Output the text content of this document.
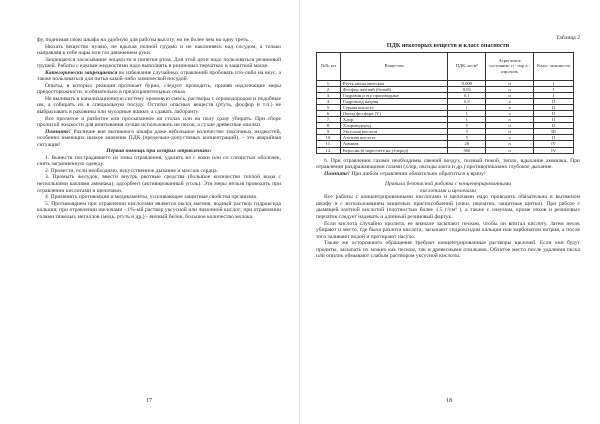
фу, поднимая свою шкафа на удобную для работы высоту, но не более чем на одну треть.

Нюхать вещество нужно, не вдыхая полной грудью и не наклоняясь над сосудом, а только направляя к себе пары или газ движением руки.

Запрещается засасывание жидкости в пипетки ртом. Для этой цели надо пользоваться резиновой грушей. Работы с едкими жидкостями надо выполнять в резиновых перчатках и защитной маске.

Категорически запрещается во избежание случайных отравлений пробовать что-либо на вкус, а также пользоваться для питья какой-либо химической посудой.

Опыты, в которых реакция протекает бурно, следует проводить, приняв надлежащие меры предосторожности, и обязательно в предохранительных очках.

Не выливать в канализационную систему хромовую смесь, растворы с сероводородом и подобные им, а собирать их в специальную посуду. Остатки опасных веществ (ртуть, фосфор и т.п.) не выбрасывать в раковины или мусорные ящики, а сдавать лаборанту.

Все пролитое и разбитое или просыпанное на столах или на полу сразу убирать. При сборе пролитой жидкости для впитывания лучше использовать не песок, а сухие древесные опилки.

Помните! Различие вне вытяжного шкафа даже небольшое количество токсичных жидкостей, особенно имеющих низкое значение ПДК (предельно-допустимых концентраций), – это аварийная ситуация!

Первая помощь при острых отравлениях:

1. Вынести пострадавшего из зоны отравления, удалить из с кожи или со слизистых оболочек, снять загрязненную одежду.

2. Провести, если необходимо, искусственное дыхание и массаж сердца.

3. Промыть желудок, ввести внутрь рвотные средства (большое количество теплой воды с несколькими каплями аммиака), адсорбент (активированный уголь). Эти меры нельзя проводить при отравлении кислотами и щелочами.

4. Применить противоядия и медикаменты, усиливающие защитные свойства организма.

5. Противоядием при отравлении кислотами является оксид магния, водный раствор гидроксида кальция; при отравлении щелочами - 1%-ый раствор уксусной или лимонной кислот; при отравлении солями тяжелых металлов (медь, ртуть и др.) - яичный белок, большое количество молока.

17
Таблица 2
ПДК некоторых веществ и класс опасности
№№ пп	Вещество	ПДК, мг/м³	Агрегатное состояние: п - пар а - аэрозоль	Класс опасности
1.	Ртуть металлическая	0,008	п	I
2.	Фосфор желтый (белый)	0,03	п	I
3.	Гидразин и его производные	0,1	п	I
4.	Гидроксид натрия	0,5	а	II
5.	Серная кислота	1	а	II
6.	Оксид фосфора (V)	1	а	II
7.	Хлор	1	п	II
8.	Хлороводород	5	п	II
9.	Уксусная кислота	5	п	III
10.	Азотная кислота	5	а	II
11.	Аммиак	20	п	IV
12.	Керосин (в пересчете на углерод)	300	п	IV

6. При отравлении газами необходимы свежий воздух, полный покой, тепло, вдыхание аммиака. При отравлении раздражающими газами (хлор, оксиды азота и др.) противопоказано глубокое дыхание.

Помните! При любом отравлении обязательно обратиться к врачу!

Правила безопасной работы с концентрированными

кислотами и щелочами

Все работы с концентрированными кислотами и щелочами надо проводить обязательно в вытяжном шкафу и с использованием защитных приспособлений (очки, перчатки, защитные щитки). При работе с дымящей азотной кислотой (плотностью более 1,5 г/см³ ), а также с олеумом, кроме очков и резиновых перчаток следует надевать и длинный резиновый фартук.

Если кислота случайно пролита, ее вначале засыпают песком, чтобы он впитал кислоту. Затем песок убирают и место, где была разлита кислота, засыпают гидроксидом кальция или карбонатом натрия, а после того заливают водой и протирают насухо.

Также же осторожного обращения требуют концентрированные растворы щелочей. Если они будут пролиты, засыпать их можно как песком, так и древесными опилками. Облитое место после удаления песка или опилок обмывают слабым раствором уксусной кислоты.

18
